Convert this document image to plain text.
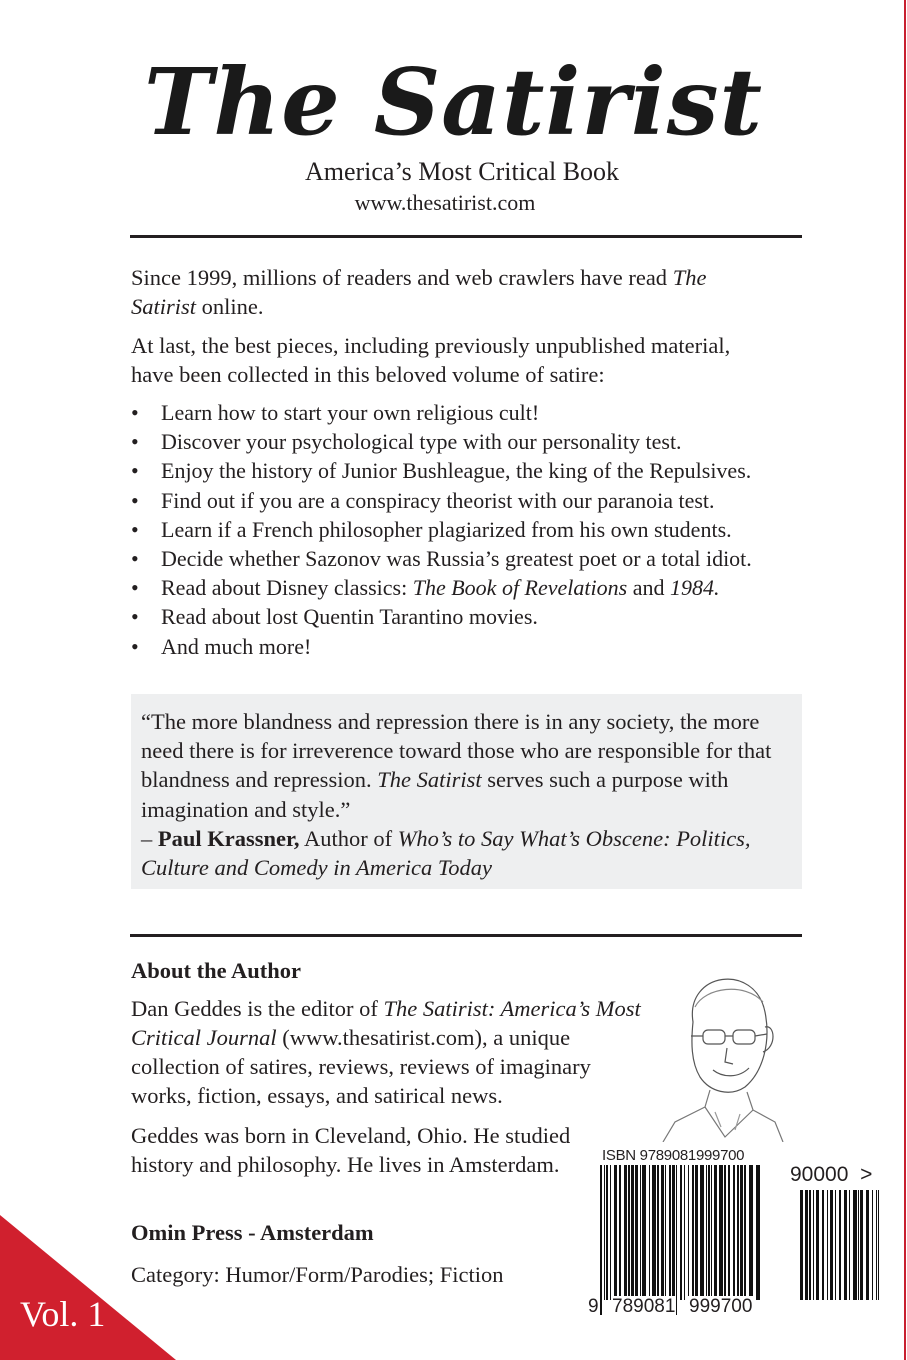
The Satirist
America’s Most Critical Book
www.thesatirist.com
Since 1999, millions of readers and web crawlers have read The Satirist online.
At last, the best pieces, including previously unpublished material, have been collected in this beloved volume of satire:
• Learn how to start your own religious cult!
• Discover your psychological type with our personality test.
• Enjoy the history of Junior Bushleague, the king of the Repulsives.
• Find out if you are a conspiracy theorist with our paranoia test.
• Learn if a French philosopher plagiarized from his own students.
• Decide whether Sazonov was Russia’s greatest poet or a total idiot.
• Read about Disney classics: The Book of Revelations and 1984.
• Read about lost Quentin Tarantino movies.
• And much more!
“The more blandness and repression there is in any society, the more need there is for irreverence toward those who are responsible for that blandness and repression. The Satirist serves such a purpose with imagination and style.”
– Paul Krassner, Author of Who’s to Say What’s Obscene: Politics, Culture and Comedy in America Today
About the Author
Dan Geddes is the editor of The Satirist: America’s Most Critical Journal (www.thesatirist.com), a unique collection of satires, reviews, reviews of imaginary works, fiction, essays, and satirical news.
Geddes was born in Cleveland, Ohio. He studied history and philosophy. He lives in Amsterdam.	ISBN 9789081999700
9 789081 999700
90000 >
Omin Press - Amsterdam
Category: Humor/Form/Parodies; Fiction
Vol. 1
